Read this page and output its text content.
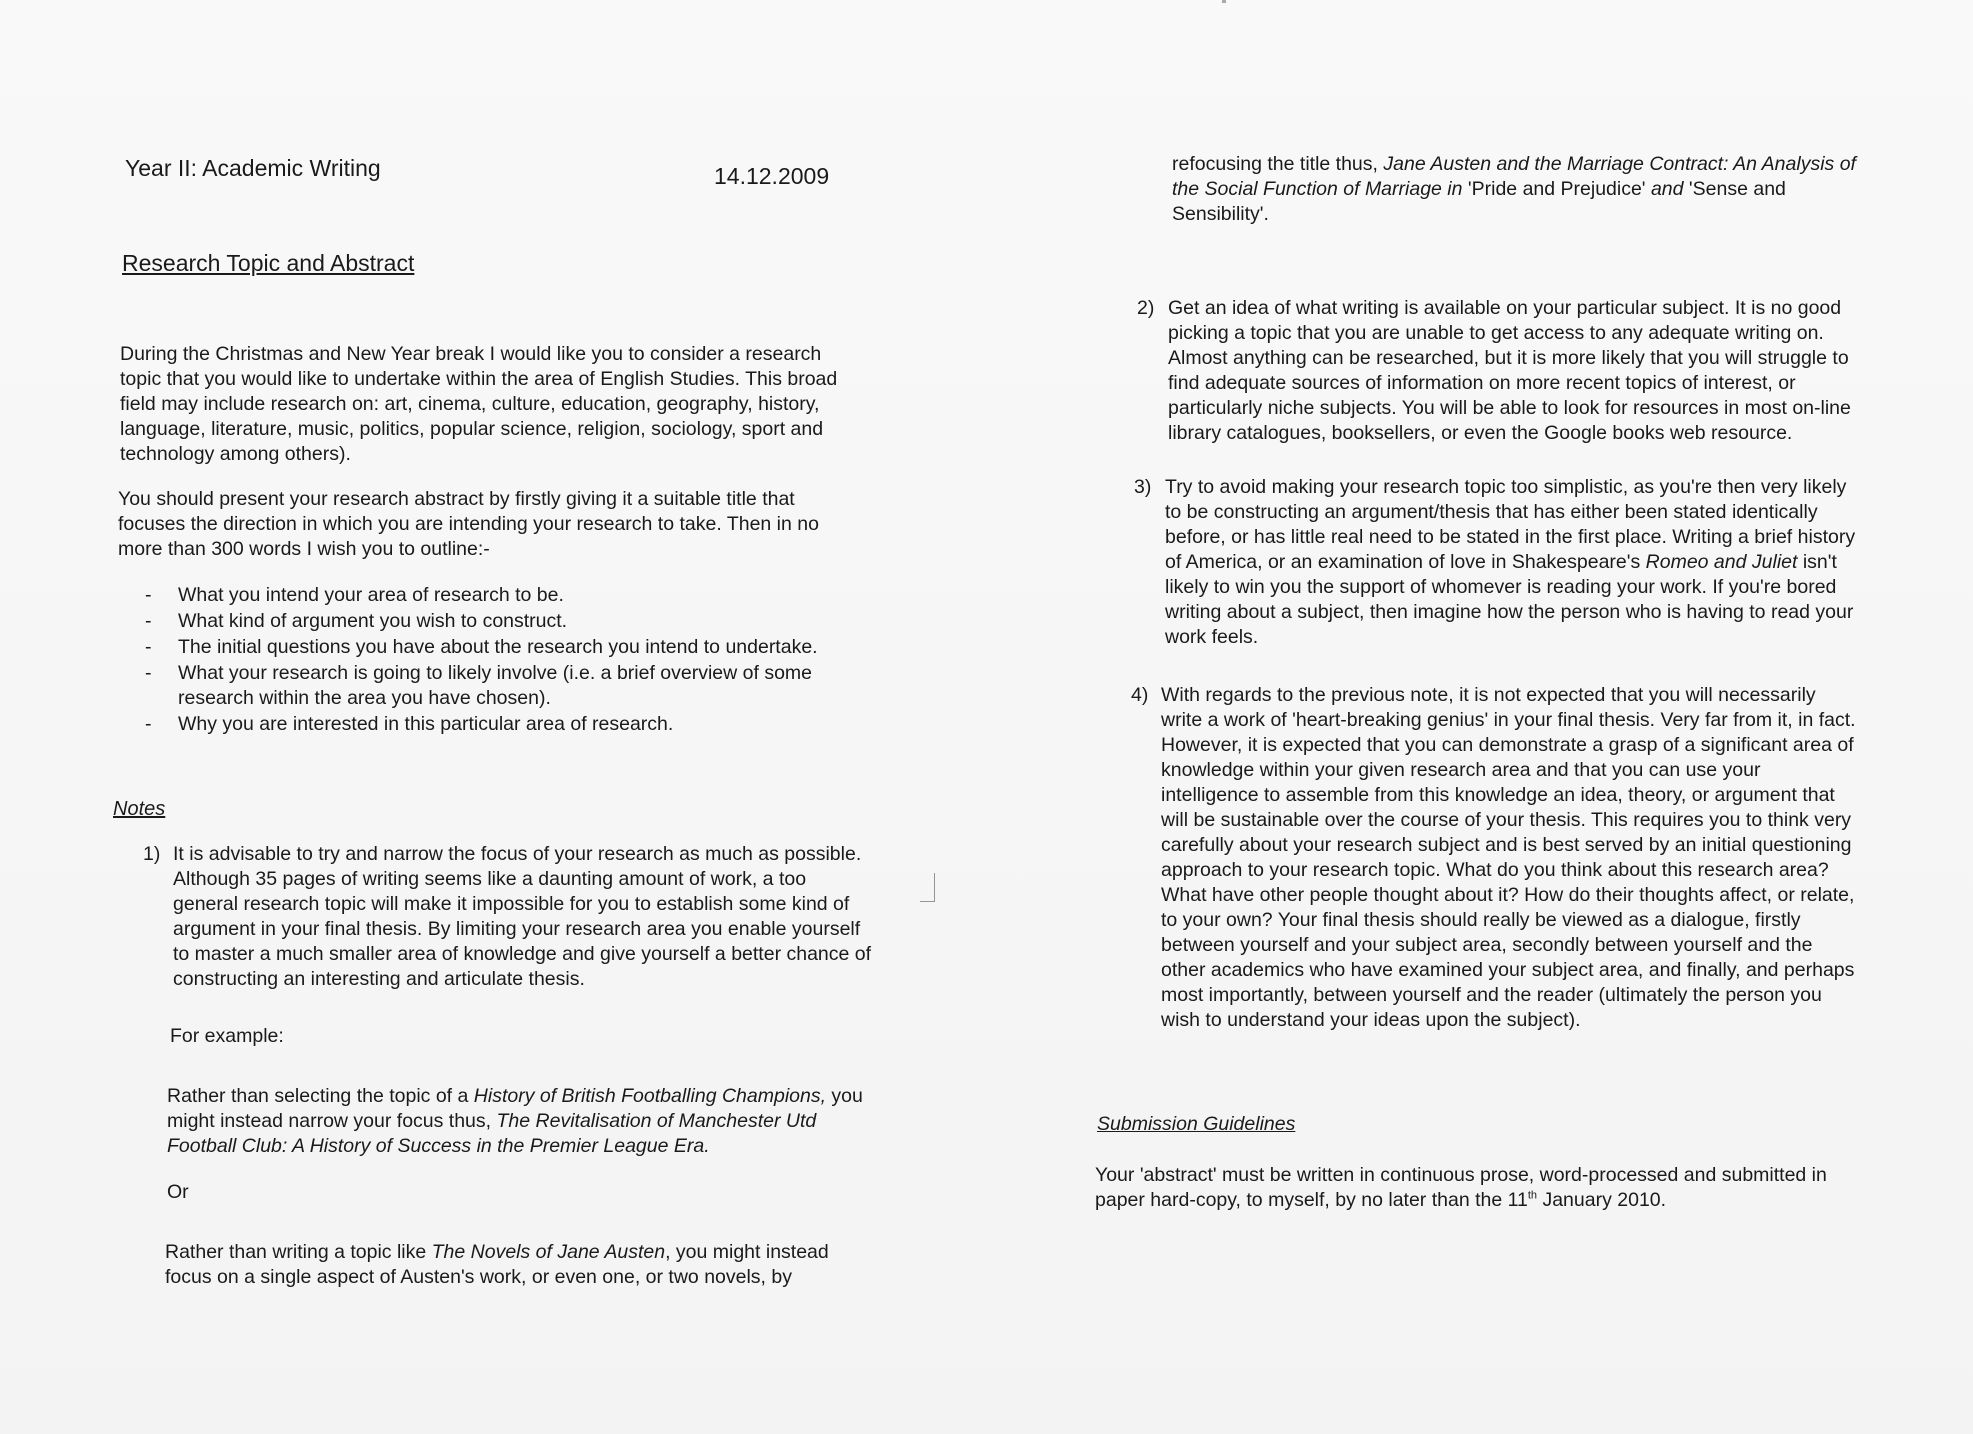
Year II: Academic Writing	14.12.2009
Research Topic and Abstract

During the Christmas and New Year break I would like you to consider a research topic that you would like to undertake within the area of English Studies. This broad field may include research on: art, cinema, culture, education, geography, history, language, literature, music, politics, popular science, religion, sociology, sport and technology among others).

You should present your research abstract by firstly giving it a suitable title that focuses the direction in which you are intending your research to take. Then in no more than 300 words I wish you to outline:-

- What you intend your area of research to be.
- What kind of argument you wish to construct.
- The initial questions you have about the research you intend to undertake.
- What your research is going to likely involve (i.e. a brief overview of some research within the area you have chosen).
- Why you are interested in this particular area of research.
Notes
1) It is advisable to try and narrow the focus of your research as much as possible. Although 35 pages of writing seems like a daunting amount of work, a too general research topic will make it impossible for you to establish some kind of argument in your final thesis. By limiting your research area you enable yourself to master a much smaller area of knowledge and give yourself a better chance of constructing an interesting and articulate thesis.
For example:
Rather than selecting the topic of a History of British Footballing Champions, you might instead narrow your focus thus, The Revitalisation of Manchester Utd Football Club: A History of Success in the Premier League Era.
Or
Rather than writing a topic like The Novels of Jane Austen, you might instead focus on a single aspect of Austen's work, or even one, or two novels, by
refocusing the title thus, Jane Austen and the Marriage Contract: An Analysis of the Social Function of Marriage in 'Pride and Prejudice' and 'Sense and Sensibility'.
2) Get an idea of what writing is available on your particular subject. It is no good picking a topic that you are unable to get access to any adequate writing on. Almost anything can be researched, but it is more likely that you will struggle to find adequate sources of information on more recent topics of interest, or particularly niche subjects. You will be able to look for resources in most on-line library catalogues, booksellers, or even the Google books web resource.
3) Try to avoid making your research topic too simplistic, as you're then very likely to be constructing an argument/thesis that has either been stated identically before, or has little real need to be stated in the first place. Writing a brief history of America, or an examination of love in Shakespeare's Romeo and Juliet isn't likely to win you the support of whomever is reading your work. If you're bored writing about a subject, then imagine how the person who is having to read your work feels.
4) With regards to the previous note, it is not expected that you will necessarily write a work of 'heart-breaking genius' in your final thesis. Very far from it, in fact. However, it is expected that you can demonstrate a grasp of a significant area of knowledge within your given research area and that you can use your intelligence to assemble from this knowledge an idea, theory, or argument that will be sustainable over the course of your thesis. This requires you to think very carefully about your research subject and is best served by an initial questioning approach to your research topic. What do you think about this research area? What have other people thought about it? How do their thoughts affect, or relate, to your own? Your final thesis should really be viewed as a dialogue, firstly between yourself and your subject area, secondly between yourself and the other academics who have examined your subject area, and finally, and perhaps most importantly, between yourself and the reader (ultimately the person you wish to understand your ideas upon the subject).
Submission Guidelines
Your 'abstract' must be written in continuous prose, word-processed and submitted in paper hard-copy, to myself, by no later than the 11th January 2010.
